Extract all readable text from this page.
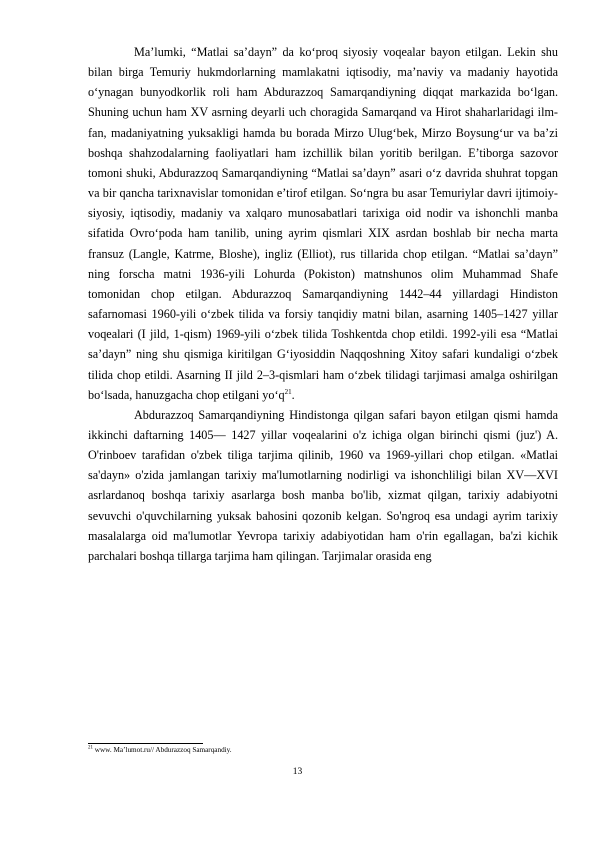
Ma’lumki, “Matlai sa’dayn” da ko‘proq siyosiy voqealar bayon etilgan. Lekin shu bilan birga Temuriy hukmdorlarning mamlakatni iqtisodiy, ma’naviy va madaniy hayotida o‘ynagan bunyodkorlik roli ham Abdurazzoq Samarqandiyning diqqat markazida bo‘lgan. Shuning uchun ham XV asrning deyarli uch choragida Samarqand va Hirot shaharlaridagi ilm-fan, madaniyatning yuksakligi hamda bu borada Mirzo Ulug‘bek, Mirzo Boysung‘ur va ba’zi boshqa shahzodalarning faoliyatlari ham izchillik bilan yoritib berilgan. E’tiborga sazovor tomoni shuki, Abdurazzoq Samarqandiyning “Matlai sa’dayn” asari o‘z davrida shuhrat topgan va bir qancha tarixnavislar tomonidan e’tirof etilgan. So‘ngra bu asar Temuriylar davri ijtimoiy-siyosiy, iqtisodiy, madaniy va xalqaro munosabatlari tarixiga oid nodir va ishonchli manba sifatida Ovro‘poda ham tanilib, uning ayrim qismlari XIX asrdan boshlab bir necha marta fransuz (Langle, Katrme, Bloshe), ingliz (Elliot), rus tillarida chop etilgan. “Matlai sa’dayn” ning forscha matni 1936-yili Lohurda (Pokiston) matnshunos olim Muhammad Shafe tomonidan chop etilgan. Abdurazzoq Samarqandiyning 1442–44 yillardagi Hindiston safarnomasi 1960-yili o‘zbek tilida va forsiy tanqidiy matni bilan, asarning 1405–1427 yillar voqealari (I jild, 1-qism) 1969-yili o‘zbek tilida Toshkentda chop etildi. 1992-yili esa “Matlai sa’dayn” ning shu qismiga kiritilgan G‘iyosiddin Naqqoshning Xitoy safari kundaligi o‘zbek tilida chop etildi. Asarning II jild 2–3-qismlari ham o‘zbek tilidagi tarjimasi amalga oshirilgan bo‘lsada, hanuzgacha chop etilgani $yo‘q^{21}$.

Abdurazzoq Samarqandiyning Hindistonga qilgan safari bayon etilgan qismi hamda ikkinchi daftarning 1405— 1427 yillar voqealarini o'z ichiga olgan birinchi qismi (juz') A. O'rinboev tarafidan o'zbek tiliga tarjima qilinib, 1960 va 1969-yillari chop etilgan. «Matlai sa'dayn» o'zida jamlangan tarixiy ma'lumotlarning nodirligi va ishonchliligi bilan XV—XVI asrlardanoq boshqa tarixiy asarlarga bosh manba bo'lib, xizmat qilgan, tarixiy adabiyotni sevuvchi o'quvchilarning yuksak bahosini qozonib kelgan. So'ngroq esa undagi ayrim tarixiy masalalarga oid ma'lumotlar Yevropa tarixiy adabiyotidan ham o'rin egallagan, ba'zi kichik parchalari boshqa tillarga tarjima ham qilingan. Tarjimalar orasida eng

$^{21}$ www. Ma’lumot.ru// Abdurazzoq Samarqandiy.
13
